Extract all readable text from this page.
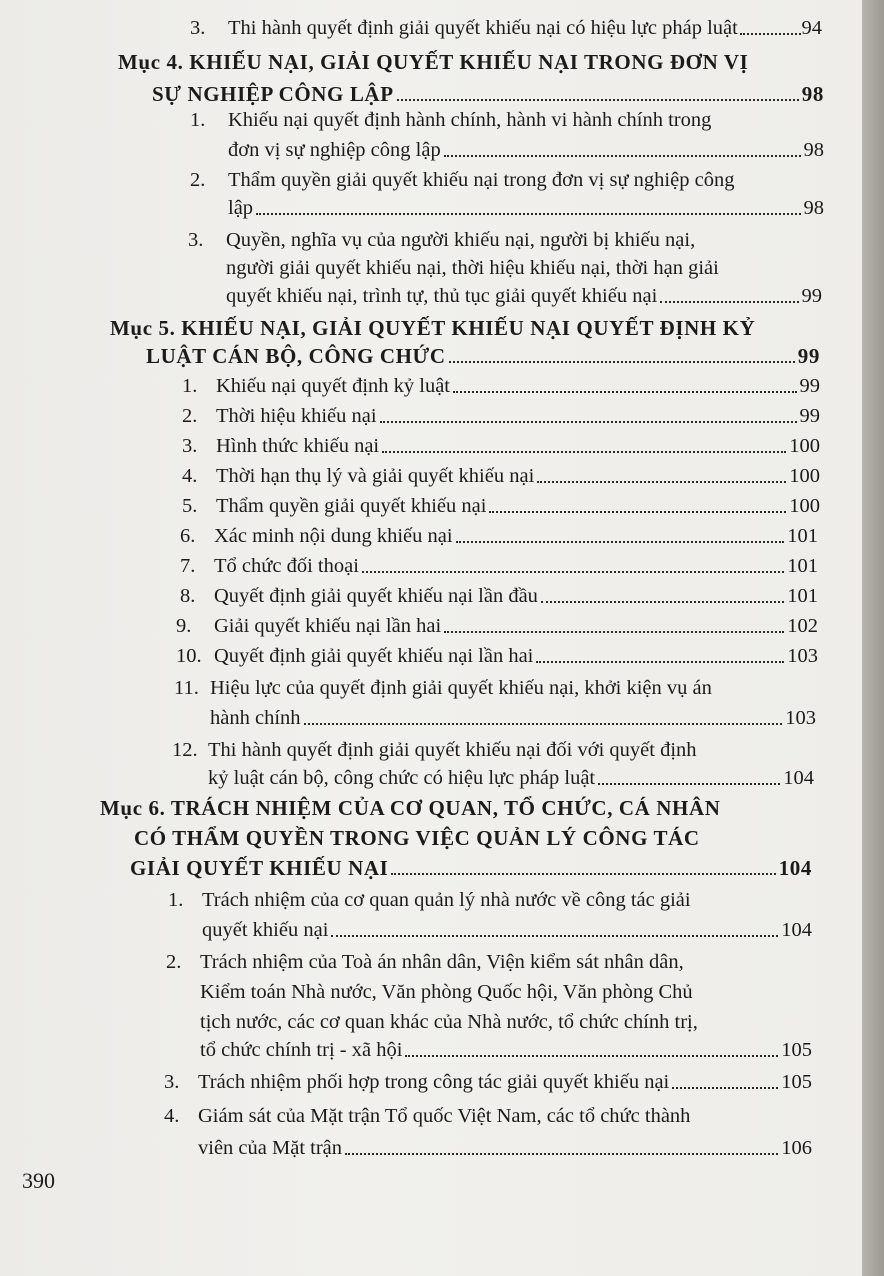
3.	Thi hành quyết định giải quyết khiếu nại có hiệu lực pháp luật	94
Mục 4. KHIẾU NẠI, GIẢI QUYẾT KHIẾU NẠI TRONG ĐƠN VỊ
SỰ NGHIỆP CÔNG LẬP	98
1.	Khiếu nại quyết định hành chính, hành vi hành chính trong
đơn vị sự nghiệp công lập	98
2.	Thẩm quyền giải quyết khiếu nại trong đơn vị sự nghiệp công
lập	98
3.	Quyền, nghĩa vụ của người khiếu nại, người bị khiếu nại,
người giải quyết khiếu nại, thời hiệu khiếu nại, thời hạn giải
quyết khiếu nại, trình tự, thủ tục giải quyết khiếu nại	99
Mục 5. KHIẾU NẠI, GIẢI QUYẾT KHIẾU NẠI QUYẾT ĐỊNH KỶ
LUẬT CÁN BỘ, CÔNG CHỨC	99
1. Khiếu nại quyết định kỷ luật	99
2. Thời hiệu khiếu nại	99
3. Hình thức khiếu nại	100
4. Thời hạn thụ lý và giải quyết khiếu nại	100
5. Thẩm quyền giải quyết khiếu nại	100
6. Xác minh nội dung khiếu nại	101
7. Tổ chức đối thoại	101
8. Quyết định giải quyết khiếu nại lần đầu	101
9.	Giải quyết khiếu nại lần hai	102
10. Quyết định giải quyết khiếu nại lần hai	103
11. Hiệu lực của quyết định giải quyết khiếu nại, khởi kiện vụ án
hành chính	103
12. Thi hành quyết định giải quyết khiếu nại đối với quyết định
kỷ luật cán bộ, công chức có hiệu lực pháp luật	104
Mục 6. TRÁCH NHIỆM CỦA CƠ QUAN, TỔ CHỨC, CÁ NHÂN
CÓ THẨM QUYỀN TRONG VIỆC QUẢN LÝ CÔNG TÁC
GIẢI QUYẾT KHIẾU NẠI	104
1. Trách nhiệm của cơ quan quản lý nhà nước về công tác giải
quyết khiếu nại	104
2. Trách nhiệm của Toà án nhân dân, Viện kiểm sát nhân dân,
Kiểm toán Nhà nước, Văn phòng Quốc hội, Văn phòng Chủ
tịch nước, các cơ quan khác của Nhà nước, tổ chức chính trị,
tổ chức chính trị - xã hội	105
3. Trách nhiệm phối hợp trong công tác giải quyết khiếu nại	105
4. Giám sát của Mặt trận Tổ quốc Việt Nam, các tổ chức thành
viên của Mặt trận	106
390
